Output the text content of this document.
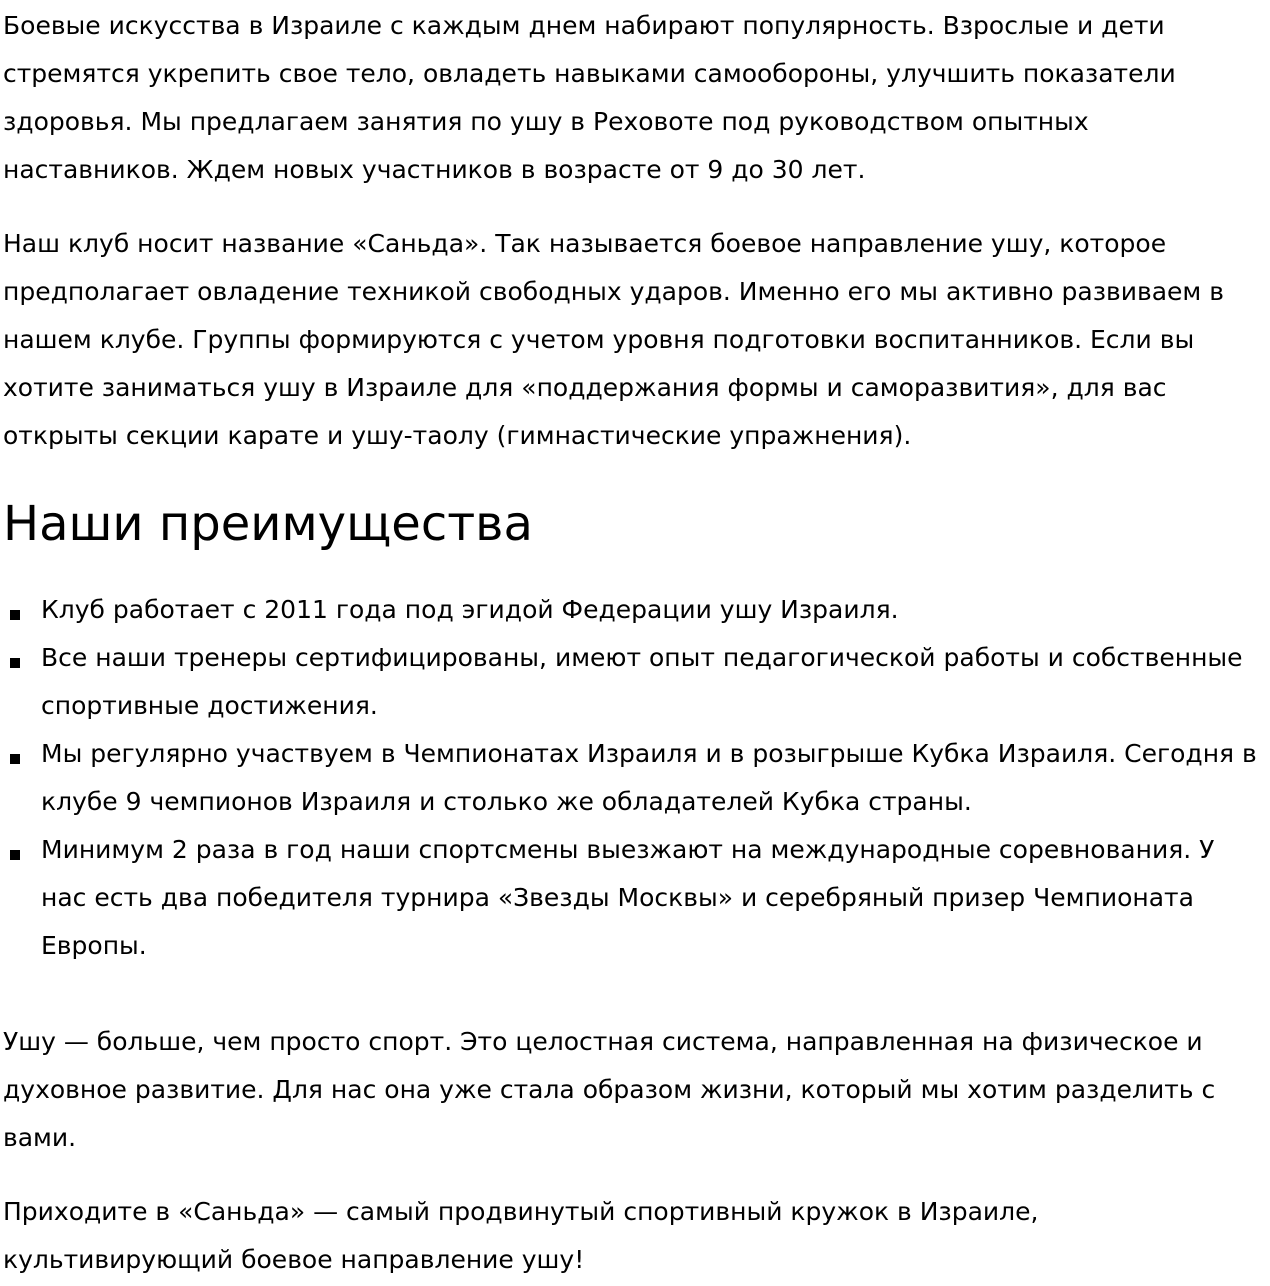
Боевые искусства в Израиле с каждым днем набирают популярность. Взрослые и дети стремятся укрепить свое тело, овладеть навыками самообороны, улучшить показатели здоровья. Мы предлагаем занятия по ушу в Реховоте под руководством опытных наставников. Ждем новых участников в возрасте от 9 до 30 лет.

Наш клуб носит название «Саньда». Так называется боевое направление ушу, которое предполагает овладение техникой свободных ударов. Именно его мы активно развиваем в нашем клубе. Группы формируются с учетом уровня подготовки воспитанников. Если вы хотите заниматься ушу в Израиле для «поддержания формы и саморазвития», для вас открыты секции карате и ушу-таолу (гимнастические упражнения).

Наши преимущества
Клуб работает с 2011 года под эгидой Федерации ушу Израиля.
Все наши тренеры сертифицированы, имеют опыт педагогической работы и собственные спортивные достижения.
Мы регулярно участвуем в Чемпионатах Израиля и в розыгрыше Кубка Израиля. Сегодня в клубе 9 чемпионов Израиля и столько же обладателей Кубка страны.
Минимум 2 раза в год наши спортсмены выезжают на международные соревнования. У нас есть два победителя турнира «Звезды Москвы» и серебряный призер Чемпионата Европы.

Ушу — больше, чем просто спорт. Это целостная система, направленная на физическое и духовное развитие. Для нас она уже стала образом жизни, который мы хотим разделить с вами.

Приходите в «Саньда» — самый продвинутый спортивный кружок в Израиле, культивирующий боевое направление ушу!
